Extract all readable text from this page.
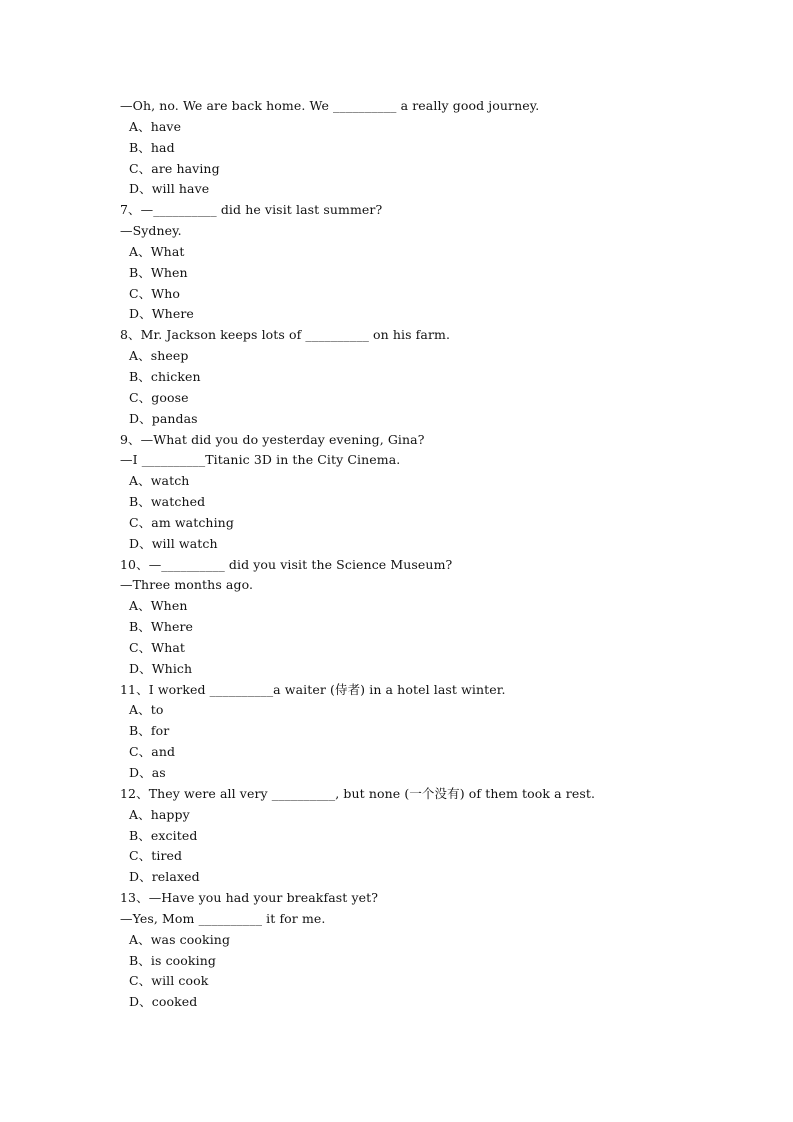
—Oh, no. We are back home. We __________ a really good journey.
A、have
B、had
C、are having
D、will have
7、—__________ did he visit last summer?
—Sydney.
A、What
B、When
C、Who
D、Where
8、Mr. Jackson keeps lots of __________ on his farm.
A、sheep
B、chicken
C、goose
D、pandas
9、—What did you do yesterday evening, Gina?
—I __________Titanic 3D in the City Cinema.
A、watch
B、watched
C、am watching
D、will watch
10、—__________ did you visit the Science Museum?
—Three months ago.
A、When
B、Where
C、What
D、Which
11、I worked __________a waiter (侍者) in a hotel last winter.
A、to
B、for
C、and
D、as
12、They were all very __________, but none (一个没有) of them took a rest.
A、happy
B、excited
C、tired
D、relaxed
13、—Have you had your breakfast yet?
—Yes, Mom __________ it for me.
A、was cooking
B、is cooking
C、will cook
D、cooked
